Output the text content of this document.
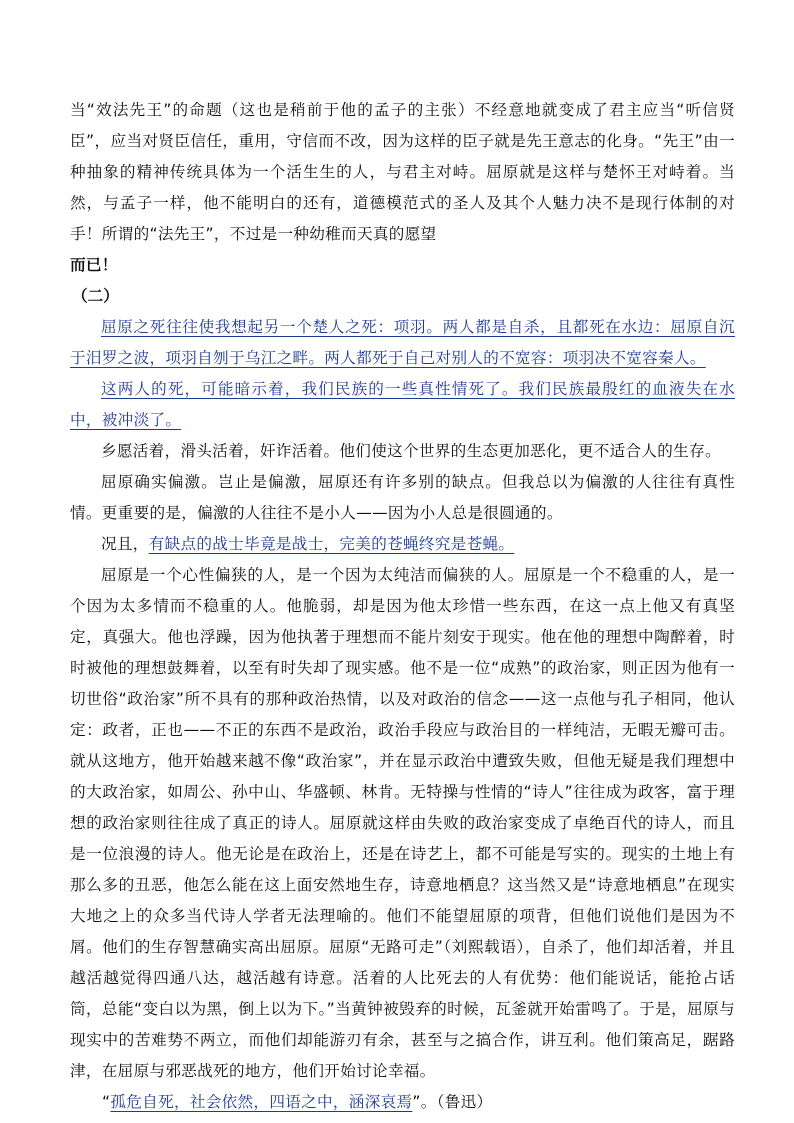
当“效法先王”的命题（这也是稍前于他的孟子的主张）不经意地就变成了君主应当“听信贤臣”，应当对贤臣信任，重用，守信而不改，因为这样的臣子就是先王意志的化身。“先王”由一种抽象的精神传统具体为一个活生生的人，与君主对峙。屈原就是这样与楚怀王对峙着。当然，与孟子一样，他不能明白的还有，道德模范式的圣人及其个人魅力决不是现行体制的对手！所谓的“法先王”，不过是一种幼稚而天真的愿望
而已！

（二）

屈原之死往往使我想起另一个楚人之死：项羽。两人都是自杀，且都死在水边：屈原自沉于汨罗之波，项羽自刎于乌江之畔。两人都死于自己对别人的不宽容：项羽决不宽容秦人。

这两人的死，可能暗示着，我们民族的一些真性情死了。我们民族最殷红的血液失在水中，被冲淡了。

乡愿活着，滑头活着，奸诈活着。他们使这个世界的生态更加恶化，更不适合人的生存。

屈原确实偏激。岂止是偏激，屈原还有许多别的缺点。但我总以为偏激的人往往有真性情。更重要的是，偏激的人往往不是小人——因为小人总是很圆通的。

况且，有缺点的战士毕竟是战士，完美的苍蝇终究是苍蝇。

屈原是一个心性偏狭的人，是一个因为太纯洁而偏狭的人。屈原是一个不稳重的人，是一个因为太多情而不稳重的人。他脆弱，却是因为他太珍惜一些东西，在这一点上他又有真坚定，真强大。他也浮躁，因为他执著于理想而不能片刻安于现实。他在他的理想中陶醉着，时时被他的理想鼓舞着，以至有时失却了现实感。他不是一位“成熟”的政治家，则正因为他有一切世俗“政治家”所不具有的那种政治热情，以及对政治的信念——这一点他与孔子相同，他认定：政者，正也——不正的东西不是政治，政治手段应与政治目的一样纯洁，无暇无瓣可击。就从这地方，他开始越来越不像“政治家”，并在显示政治中遭致失败，但他无疑是我们理想中的大政治家，如周公、孙中山、华盛顿、林肯。无特操与性情的“诗人”往往成为政客，富于理想的政治家则往往成了真正的诗人。屈原就这样由失败的政治家变成了卓绝百代的诗人，而且是一位浪漫的诗人。他无论是在政治上，还是在诗艺上，都不可能是写实的。现实的土地上有那么多的丑恶，他怎么能在这上面安然地生存，诗意地栖息？这当然又是“诗意地栖息”在现实大地之上的众多当代诗人学者无法理喻的。他们不能望屈原的项背，但他们说他们是因为不屑。他们的生存智慧确实高出屈原。屈原“无路可走”（刘熙载语），自杀了，他们却活着，并且越活越觉得四通八达，越活越有诗意。活着的人比死去的人有优势：他们能说话，能抢占话筒，总能“变白以为黑，倒上以为下。”当黄钟被毁弃的时候，瓦釜就开始雷鸣了。于是，屈原与现实中的苦难势不两立，而他们却能游刃有余，甚至与之搞合作，讲互利。他们策高足，踞路津，在屈原与邪恶战死的地方，他们开始讨论幸福。

“孤危自死，社会依然，四语之中，涵深哀焉”。（鲁迅）
